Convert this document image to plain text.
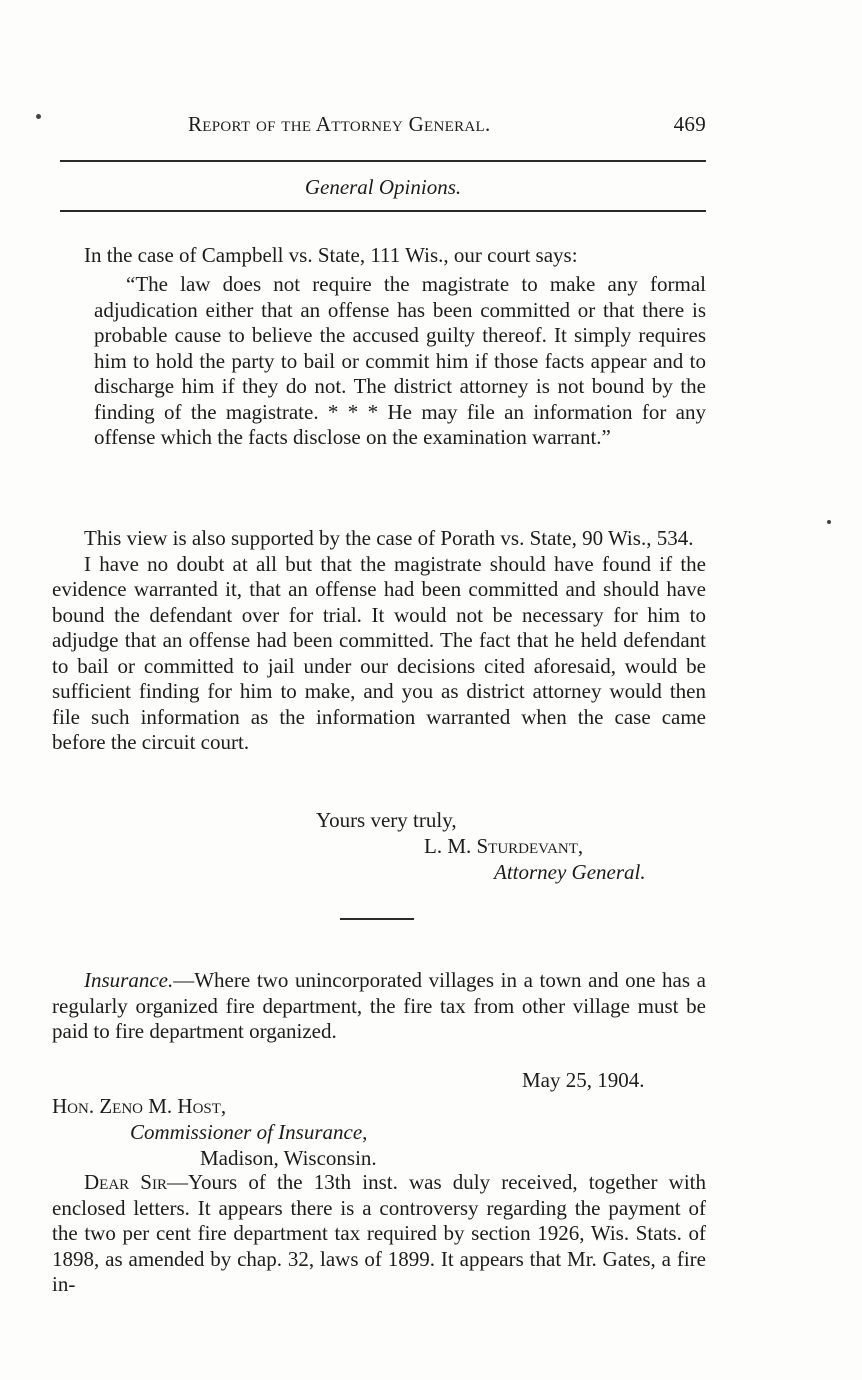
Report of the Attorney General.	469
General Opinions.

In the case of Campbell vs. State, 111 Wis., our court says:

“The law does not require the magistrate to make any formal adjudication either that an offense has been committed or that there is probable cause to believe the accused guilty thereof. It simply requires him to hold the party to bail or commit him if those facts appear and to discharge him if they do not. The district attorney is not bound by the finding of the magistrate. * * * He may file an information for any offense which the facts disclose on the examination warrant.”

This view is also supported by the case of Porath vs. State, 90 Wis., 534.

I have no doubt at all but that the magistrate should have found if the evidence warranted it, that an offense had been committed and should have bound the defendant over for trial. It would not be necessary for him to adjudge that an offense had been committed. The fact that he held defendant to bail or committed to jail under our decisions cited aforesaid, would be sufficient finding for him to make, and you as district attorney would then file such information as the information warranted when the case came before the circuit court.

Yours very truly,
L. M. Sturdevant,
Attorney General.

Insurance.—Where two unincorporated villages in a town and one has a regularly organized fire department, the fire tax from other village must be paid to fire department organized.

May 25, 1904.
Hon. Zeno M. Host,
Commissioner of Insurance,
Madison, Wisconsin.

Dear Sir—Yours of the 13th inst. was duly received, together with enclosed letters. It appears there is a controversy regarding the payment of the two per cent fire department tax required by section 1926, Wis. Stats. of 1898, as amended by chap. 32, laws of 1899. It appears that Mr. Gates, a fire in-
